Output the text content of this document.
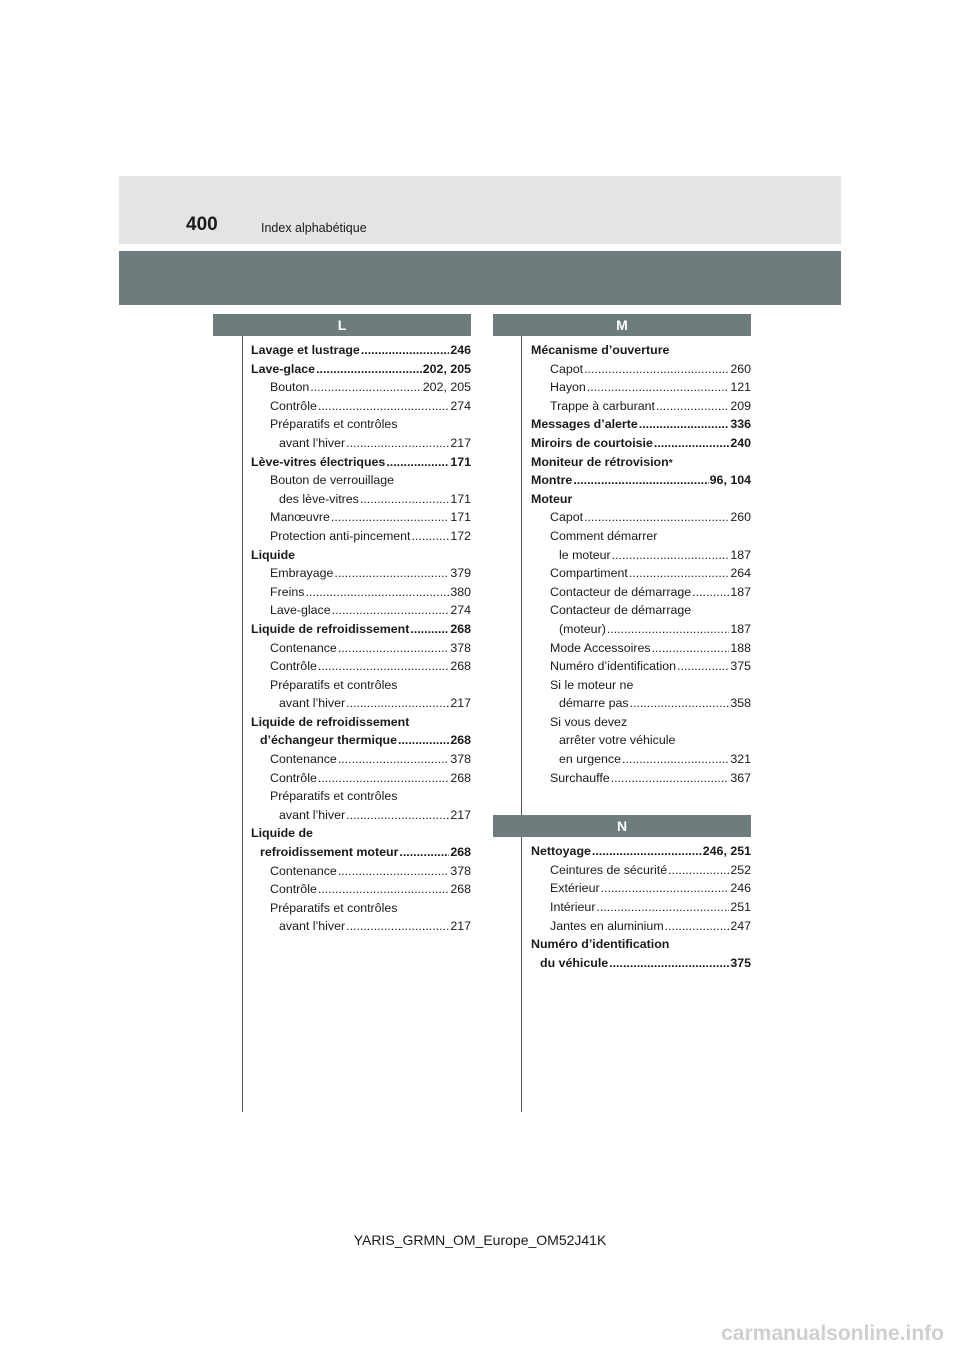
400	Index alphabétique
L
Lavage et lustrage .....	246
Lave-glace .....	202, 205
Bouton .....	202, 205
Contrôle .....	274
Préparatifs et contrôles
avant l’hiver .....	217
Lève-vitres électriques .....	171
Bouton de verrouillage
des lève-vitres .....	171
Manœuvre .....	171
Protection anti-pincement .....	172
Liquide
Embrayage .....	379
Freins .....	380
Lave-glace .....	274
Liquide de refroidissement .....	268
Contenance .....	378
Contrôle .....	268
Préparatifs et contrôles
avant l’hiver .....	217
Liquide de refroidissement
d’échangeur thermique .....	268
Contenance .....	378
Contrôle .....	268
Préparatifs et contrôles
avant l’hiver .....	217
Liquide de
refroidissement moteur .....	268
Contenance .....	378
Contrôle .....	268
Préparatifs et contrôles
avant l’hiver .....	217
M
Mécanisme d’ouverture
Capot .....	260
Hayon .....	121
Trappe à carburant .....	209
Messages d’alerte .....	336
Miroirs de courtoisie .....	240
Moniteur de rétrovision *
Montre .....	96, 104
Moteur
Capot .....	260
Comment démarrer
le moteur .....	187
Compartiment .....	264
Contacteur de démarrage .....	187
Contacteur de démarrage
(moteur) .....	187
Mode Accessoires .....	188
Numéro d’identification .....	375
Si le moteur ne
démarre pas .....	358
Si vous devez
arrêter votre véhicule
en urgence .....	321
Surchauffe .....	367
N
Nettoyage .....	246, 251
Ceintures de sécurité .....	252
Extérieur .....	246
Intérieur .....	251
Jantes en aluminium .....	247
Numéro d’identification
du véhicule .....	375
YARIS_GRMN_OM_Europe_OM52J41K
carmanualsonline.info
